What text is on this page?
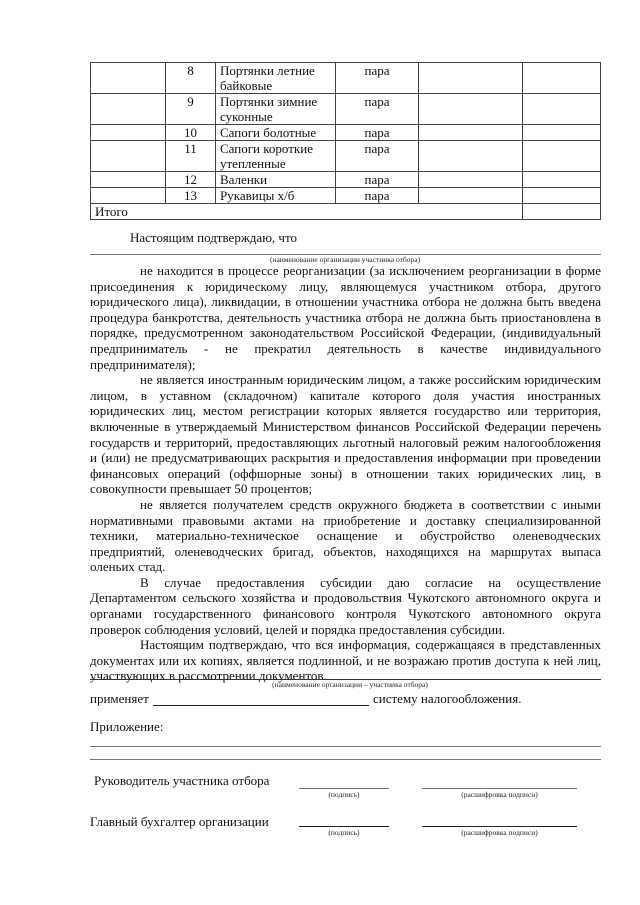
	8	Портянки летние байковые	пара		
	9	Портянки зимние суконные	пара		
	10	Сапоги болотные	пара		
	11	Сапоги короткие утепленные	пара		
	12	Валенки	пара		
	13	Рукавицы х/б	пара		
Итого					
Настоящим подтверждаю, что
(наименование организации участника отбора)

не находится в процессе реорганизации (за исключением реорганизации в форме присоединения к юридическому лицу, являющемуся участником отбора, другого юридического лица), ликвидации, в отношении участника отбора не должна быть введена процедура банкротства, деятельность участника отбора не должна быть приостановлена в порядке, предусмотренном законодательством Российской Федерации, (индивидуальный предприниматель - не прекратил деятельность в качестве индивидуального предпринимателя);

не является иностранным юридическим лицом, а также российским юридическим лицом, в уставном (складочном) капитале которого доля участия иностранных юридических лиц, местом регистрации которых является государство или территория, включенные в утверждаемый Министерством финансов Российской Федерации перечень государств и территорий, предоставляющих льготный налоговый режим налогообложения и (или) не предусматривающих раскрытия и предоставления информации при проведении финансовых операций (оффшорные зоны) в отношении таких юридических лиц, в совокупности превышает 50 процентов;

не является получателем средств окружного бюджета в соответствии с иными нормативными правовыми актами на приобретение и доставку специализированной техники, материально-техническое оснащение и обустройство оленеводческих предприятий, оленеводческих бригад, объектов, находящихся на маршрутах выпаса оленьих стад.

В случае предоставления субсидии даю согласие на осуществление Департаментом сельского хозяйства и продовольствия Чукотского автономного округа и органами государственного финансового контроля Чукотского автономного округа проверок соблюдения условий, целей и порядка предоставления субсидии.

Настоящим подтверждаю, что вся информация, содержащаяся в представленных документах или их копиях, является подлинной, и не возражаю против доступа к ней лиц, участвующих в рассмотрении документов.

(наименование организации – участника отбора)
применяет	систему налогообложения.
Приложение:
Руководитель участника отбора
(подпись)	(расшифровка подписи)
Главный бухгалтер организации
(подпись)	(расшифровка подписи)
